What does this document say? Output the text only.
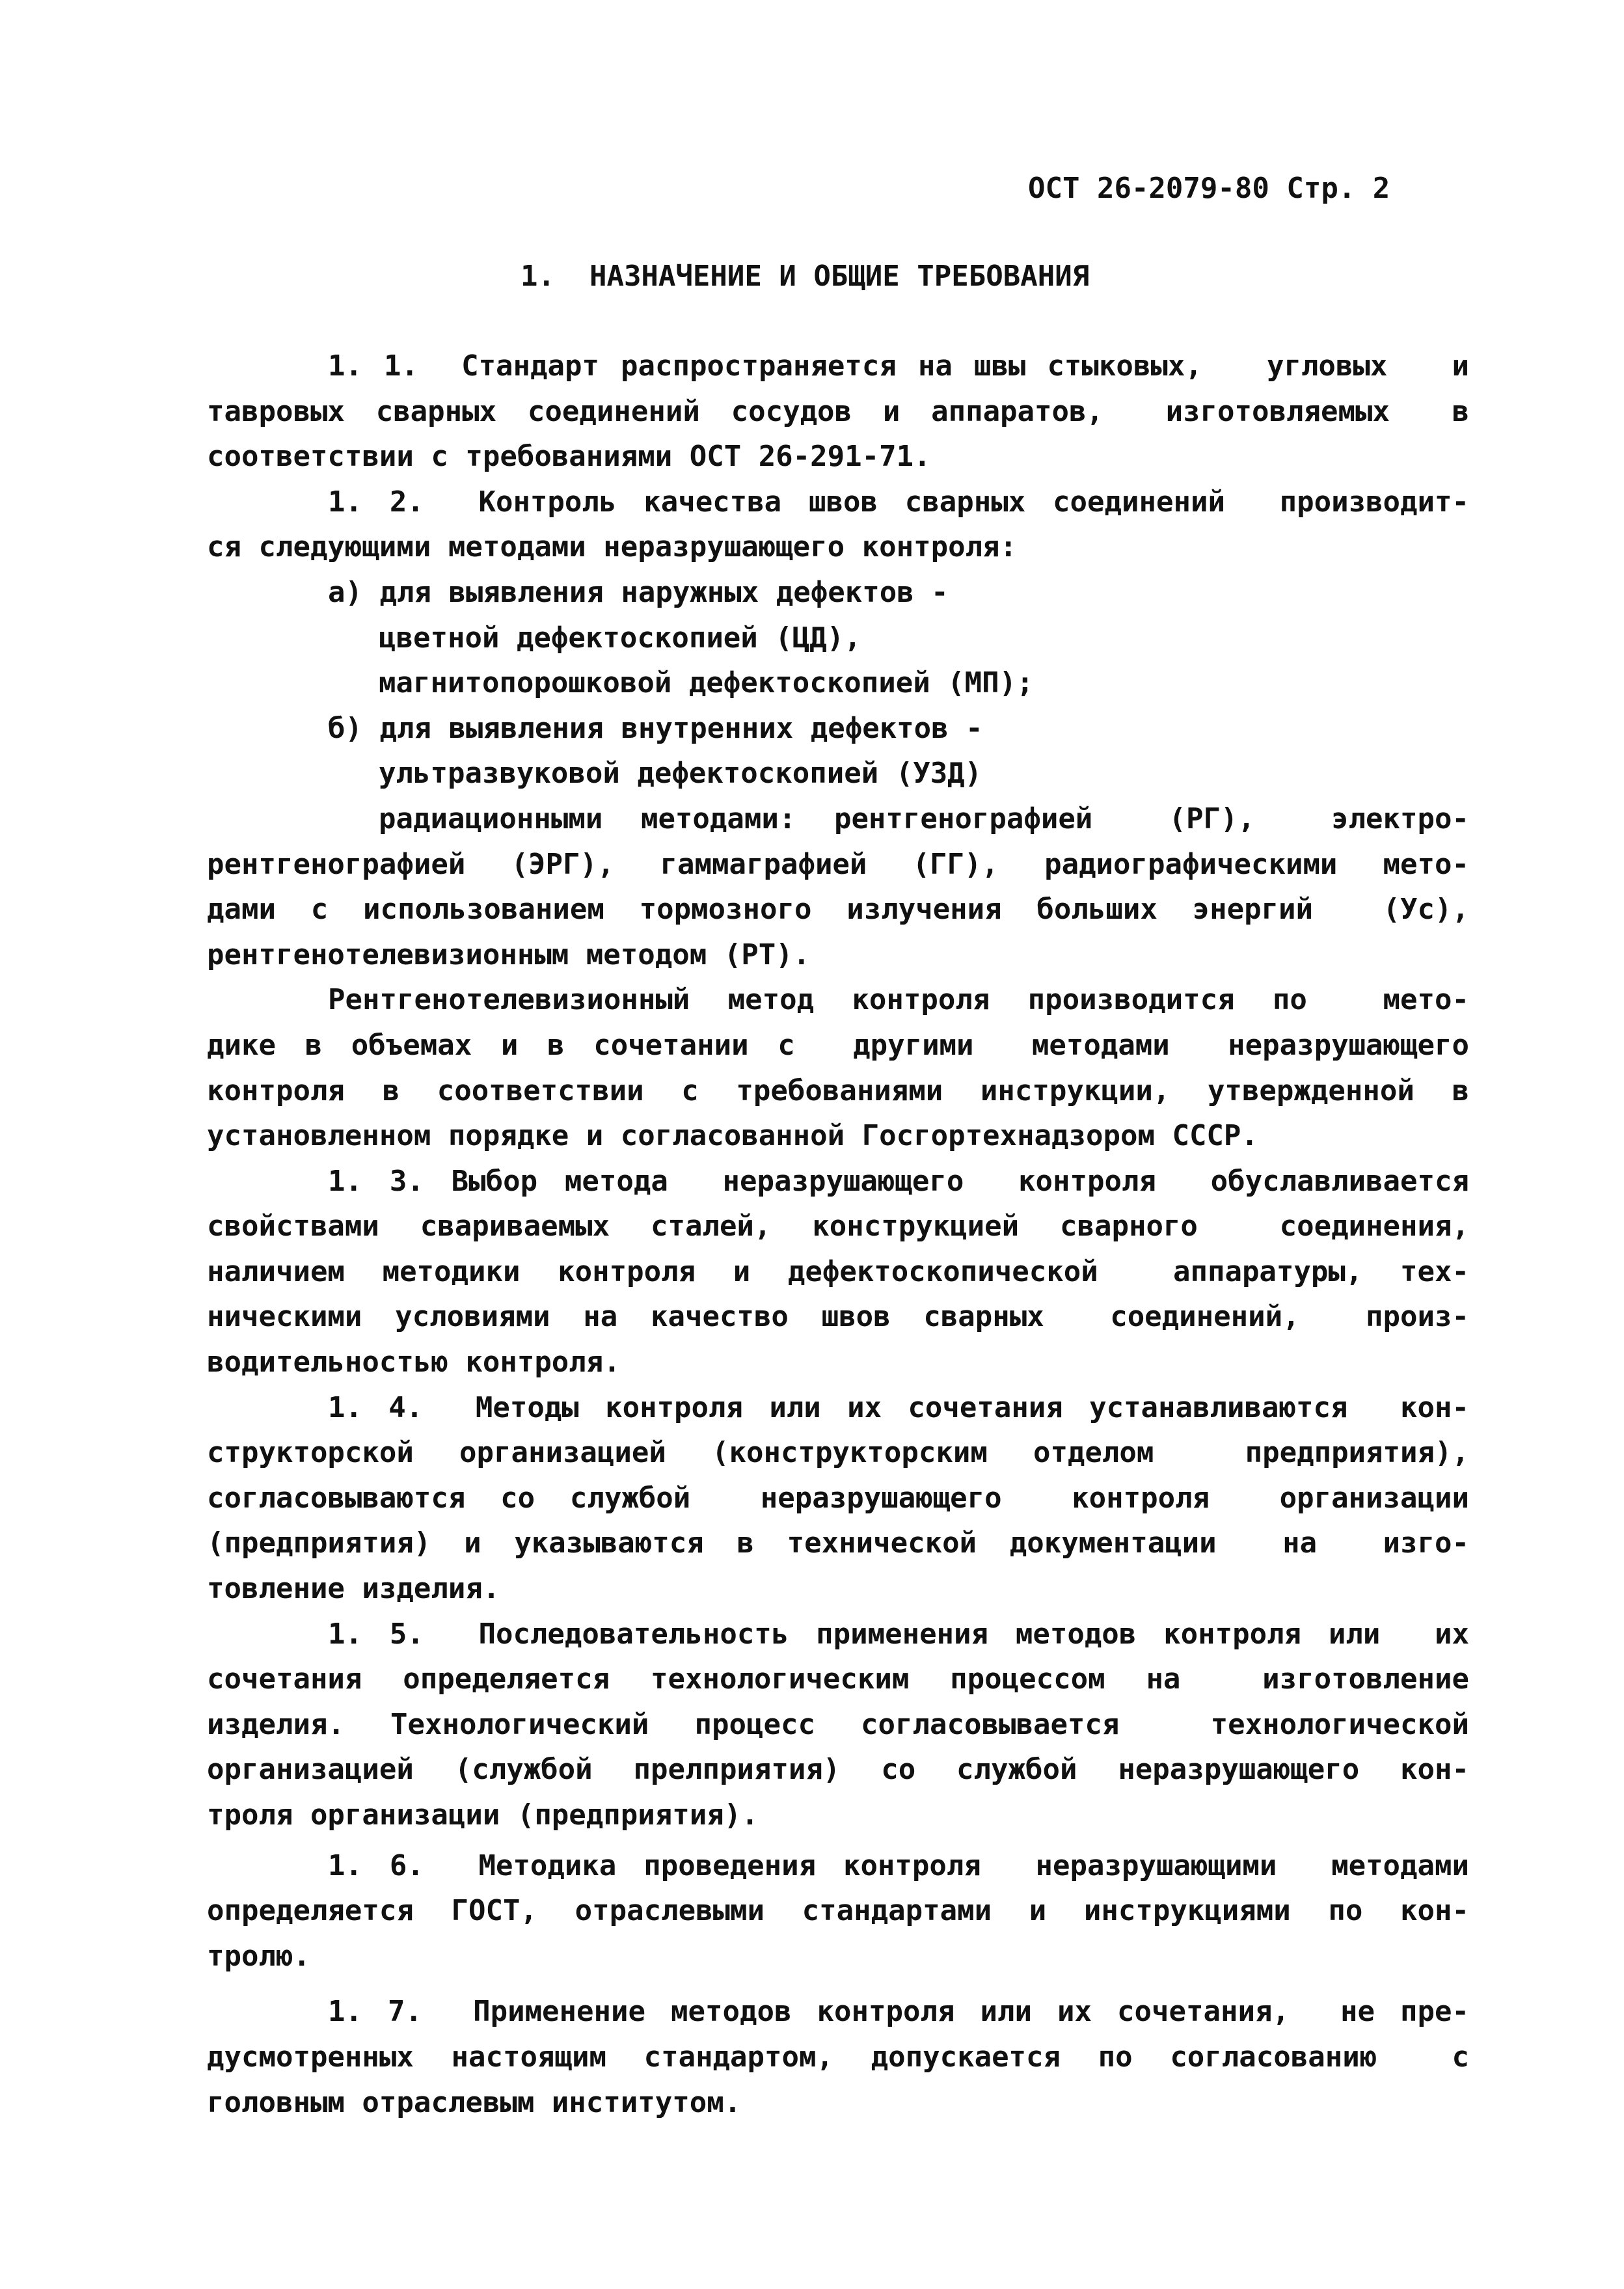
ОСТ 26-2079-80 Стр. 2
1.  НАЗНАЧЕНИЕ И ОБЩИЕ ТРЕБОВАНИЯ
1. 1.  Стандарт распространяется на швы стыковых,   угловых   и
тавровых сварных соединений сосудов и аппаратов,  изготовляемых  в
соответствии с требованиями ОСТ 26-291-71.
1. 2.  Контроль качества швов сварных соединений  производит-
ся следующими методами неразрушающего контроля:
а) для выявления наружных дефектов -
цветной дефектоскопией (ЦД),
магнитопорошковой дефектоскопией (МП);
б) для выявления внутренних дефектов -
ультразвуковой дефектоскопией (УЗД)
радиационными методами: рентгенографией  (РГ),  электро-
рентгенографией (ЭРГ), гаммаграфией (ГГ), радиографическими мето-
дами с использованием тормозного излучения больших энергий  (Ус),
рентгенотелевизионным методом (РТ).
Рентгенотелевизионный метод контроля производится по  мето-
дике в объемах и в сочетании с  другими  методами  неразрушающего
контроля в соответствии с требованиями инструкции, утвержденной в
установленном порядке и согласованной Госгортехнадзором СССР.
1. 3. Выбор метода  неразрушающего  контроля  обуславливается
свойствами свариваемых сталей, конструкцией сварного  соединения,
наличием методики контроля и дефектоскопической  аппаратуры, тех-
ническими условиями на качество швов сварных  соединений,  произ-
водительностью контроля.
1. 4.  Методы контроля или их сочетания устанавливаются  кон-
структорской организацией (конструкторским отделом  предприятия),
согласовываются со службой  неразрушающего  контроля  организации
(предприятия) и указываются в технической документации  на  изго-
товление изделия.
1. 5.  Последовательность применения методов контроля или  их
сочетания определяется технологическим процессом на  изготовление
изделия. Технологический процесс согласовывается  технологической
организацией (службой прелприятия) со службой неразрушающего кон-
троля организации (предприятия).
1. 6.  Методика проведения контроля  неразрушающими  методами
определяется ГОСТ, отраслевыми стандартами и инструкциями по кон-
тролю.
1. 7.  Применение методов контроля или их сочетания,  не пре-
дусмотренных настоящим стандартом, допускается по согласованию  с
головным отраслевым институтом.
